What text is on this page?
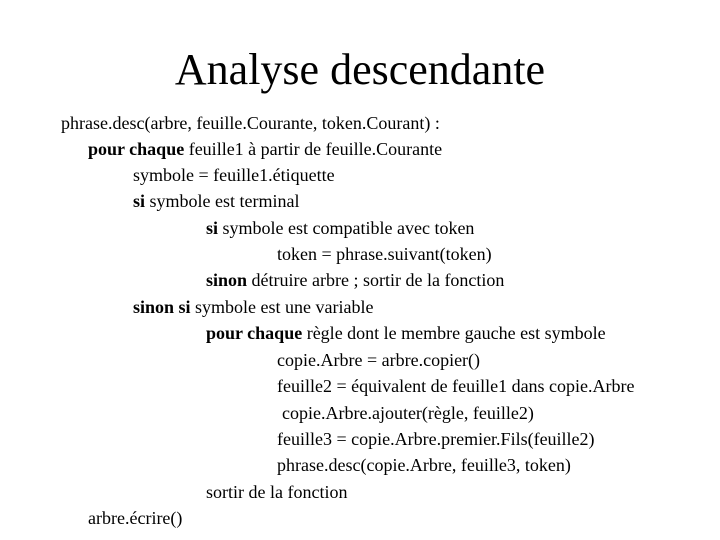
Analyse descendante
phrase.desc(arbre, feuille.Courante, token.Courant) :
pour chaque feuille1 à partir de feuille.Courante
symbole = feuille1.étiquette
si symbole est terminal
si symbole est compatible avec token
token = phrase.suivant(token)
sinon détruire arbre ; sortir de la fonction
sinon si symbole est une variable
pour chaque règle dont le membre gauche est symbole
copie.Arbre = arbre.copier()
feuille2 = équivalent de feuille1 dans copie.Arbre
copie.Arbre.ajouter(règle, feuille2)
feuille3 = copie.Arbre.premier.Fils(feuille2)
phrase.desc(copie.Arbre, feuille3, token)
sortir de la fonction
arbre.écrire()
